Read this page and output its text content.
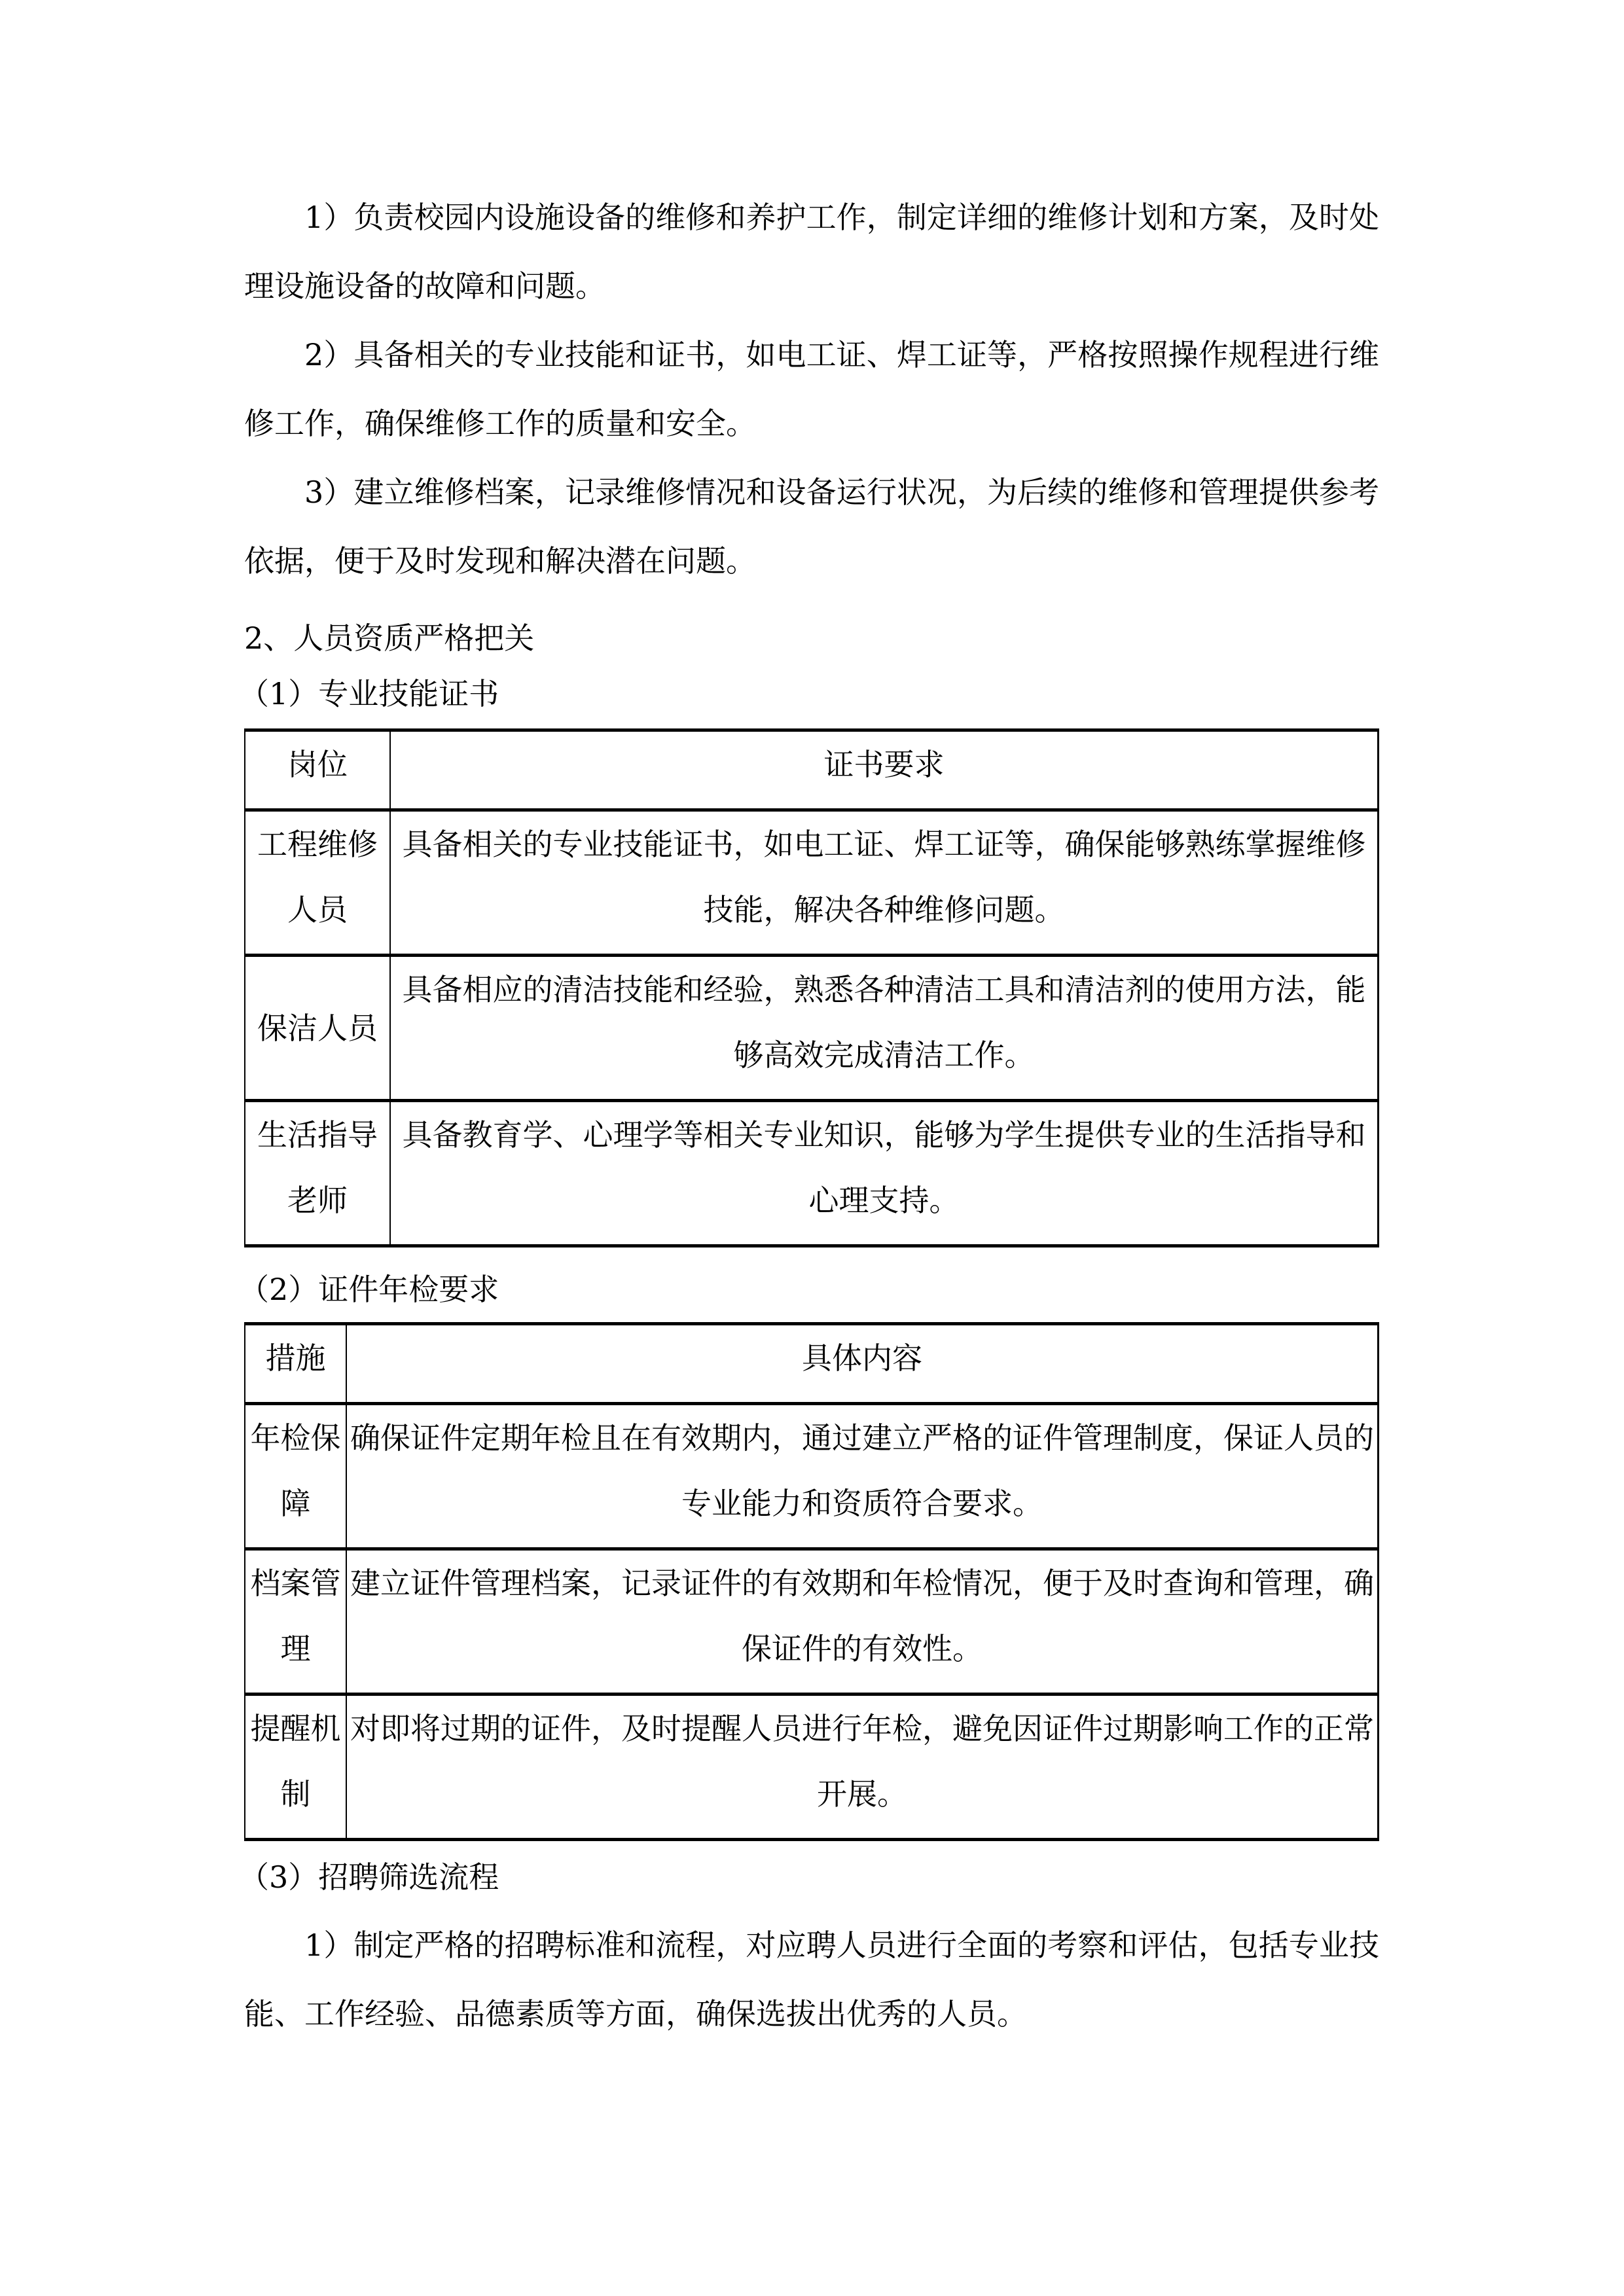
1）负责校园内设施设备的维修和养护工作，制定详细的维修计划和方案，及时处理设施设备的故障和问题。

2）具备相关的专业技能和证书，如电工证、焊工证等，严格按照操作规程进行维修工作，确保维修工作的质量和安全。

3）建立维修档案，记录维修情况和设备运行状况，为后续的维修和管理提供参考依据，便于及时发现和解决潜在问题。

2、人员资质严格把关

（1）专业技能证书

岗位	证书要求
工程维修人员	具备相关的专业技能证书，如电工证、焊工证等，确保能够熟练掌握维修技能，解决各种维修问题。
保洁人员	具备相应的清洁技能和经验，熟悉各种清洁工具和清洁剂的使用方法，能够高效完成清洁工作。
生活指导老师	具备教育学、心理学等相关专业知识，能够为学生提供专业的生活指导和心理支持。

（2）证件年检要求

措施	具体内容
年检保障	确保证件定期年检且在有效期内，通过建立严格的证件管理制度，保证人员的专业能力和资质符合要求。
档案管理	建立证件管理档案，记录证件的有效期和年检情况，便于及时查询和管理，确保证件的有效性。
提醒机制	对即将过期的证件，及时提醒人员进行年检，避免因证件过期影响工作的正常开展。

（3）招聘筛选流程

1）制定严格的招聘标准和流程，对应聘人员进行全面的考察和评估，包括专业技能、工作经验、品德素质等方面，确保选拔出优秀的人员。
